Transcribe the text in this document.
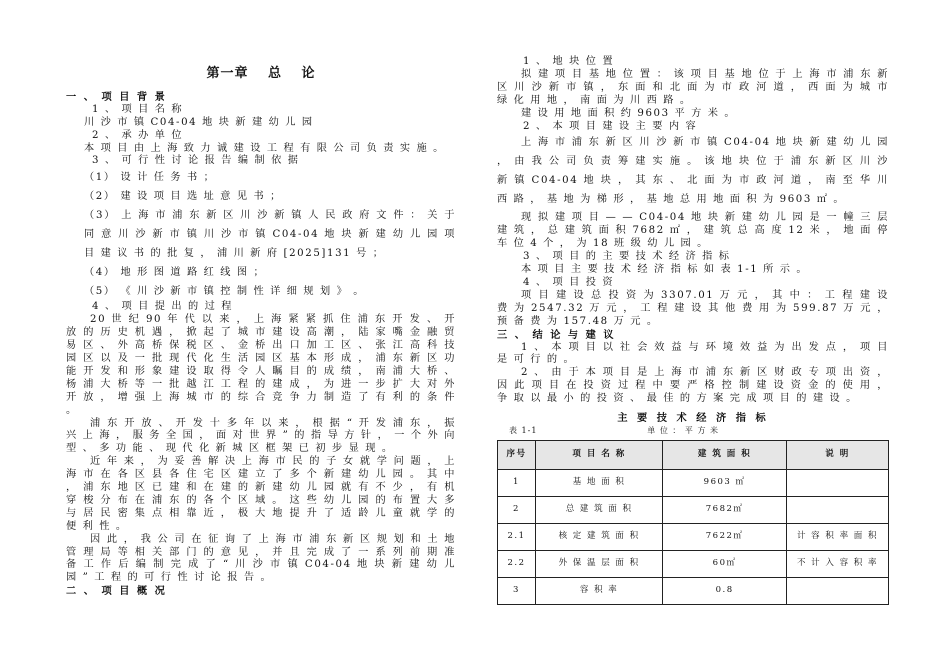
第一章 总 论

一 、 项 目 背 景

1 、 项 目 名 称

川 沙 市 镇 C04-04 地 块 新 建 幼 儿 园

2 、 承 办 单 位

本 项 目 由 上 海 致 力 诚 建 设 工 程 有 限 公 司 负 责 实 施 。

3 、 可 行 性 讨 论 报 告 编 制 依 据

（1） 设 计 任 务 书 ；

（2） 建 设 项 目 选 址 意 见 书 ；

（3） 上 海 市 浦 东 新 区 川 沙 新 镇 人 民 政 府 文 件 ： 关 于 同 意 川 沙 新 市 镇 川 沙 市 镇 C04-04 地 块 新 建 幼 儿 园 项 目 建 议 书 的 批 复 ， 浦 川 新 府 [2025]131 号 ；

（4） 地 形 图 道 路 红 线 图 ；

（5） 《 川 沙 新 市 镇 控 制 性 详 细 规 划 》 。

4 、 项 目 提 出 的 过 程

20 世 纪 90 年 代 以 来 ， 上 海 紧 紧 抓 住 浦 东 开 发 、 开 放 的 历 史 机 遇 ， 掀 起 了 城 市 建 设 高 潮 ， 陆 家 嘴 金 融 贸 易 区 、 外 高 桥 保 税 区 、 金 桥 出 口 加 工 区 、 张 江 高 科 技 园 区 以 及 一 批 现 代 化 生 活 园 区 基 本 形 成 ， 浦 东 新 区 功 能 开 发 和 形 象 建 设 取 得 令 人 瞩 目 的 成 绩 ， 南 浦 大 桥 、 杨 浦 大 桥 等 一 批 越 江 工 程 的 建 成 ， 为 进 一 步 扩 大 对 外 开 放 ， 增 强 上 海 城 市 的 综 合 竞 争 力 制 造 了 有 利 的 条 件 。

浦 东 开 放 、 开 发 十 多 年 以 来 ， 根 据 “ 开 发 浦 东 ， 振 兴 上 海 ， 服 务 全 国 ， 面 对 世 界 ” 的 指 导 方 针 ， 一 个 外 向 型 、 多 功 能 、 现 代 化 新 城 区 框 架 已 初 步 显 现 。

近 年 来 ， 为 妥 善 解 决 上 海 市 民 的 子 女 就 学 问 题 ， 上 海 市 在 各 区 县 各 住 宅 区 建 立 了 多 个 新 建 幼 儿 园 。 其 中 ， 浦 东 地 区 已 建 和 在 建 的 新 建 幼 儿 园 就 有 不 少 ， 有 机 穿 梭 分 布 在 浦 东 的 各 个 区 域 。 这 些 幼 儿 园 的 布 置 大 多 与 居 民 密 集 点 相 靠 近 ， 极 大 地 提 升 了 适 龄 儿 童 就 学 的 便 利 性 。

因 此 ， 我 公 司 在 征 询 了 上 海 市 浦 东 新 区 规 划 和 土 地 管 理 局 等 相 关 部 门 的 意 见 ， 并 且 完 成 了 一 系 列 前 期 准 备 工 作 后 编 制 完 成 了 “ 川 沙 市 镇 C04-04 地 块 新 建 幼 儿 园 ” 工 程 的 可 行 性 讨 论 报 告 。

二 、 项 目 概 况

1 、 地 块 位 置

拟 建 项 目 基 地 位 置 ： 该 项 目 基 地 位 于 上 海 市 浦 东 新 区 川 沙 新 市 镇 ， 东 面 和 北 面 为 市 政 河 道 ， 西 面 为 城 市 绿 化 用 地 ， 南 面 为 川 西 路 。

建 设 用 地 面 积 约 9603 平 方 米 。

2 、 本 项 目 建 设 主 要 内 容

上 海 市 浦 东 新 区 川 沙 新 市 镇 C04-04 地 块 新 建 幼 儿 园 ， 由 我 公 司 负 责 筹 建 实 施 。 该 地 块 位 于 浦 东 新 区 川 沙 新 镇 C04-04 地 块 ， 其 东 、 北 面 为 市 政 河 道 ， 南 至 华 川 西 路 ， 基 地 为 梯 形 ， 基 地 总 用 地 面 积 为 9603 ㎡ 。

现 拟 建 项 目 — — C04-04 地 块 新 建 幼 儿 园 是 一 幢 三 层 建 筑 ， 总 建 筑 面 积 7682 ㎡ ， 建 筑 总 高 度 12 米 ， 地 面 停 车 位 4 个 ， 为 18 班 级 幼 儿 园 。

3 、 项 目 的 主 要 技 术 经 济 指 标

本 项 目 主 要 技 术 经 济 指 标 如 表 1-1 所 示 。

4 、 项 目 投 资

项 目 建 设 总 投 资 为 3307.01 万 元 ， 其 中 ： 工 程 建 设 费 为 2547.32 万 元 ， 工 程 建 设 其 他 费 用 为 599.87 万 元 ， 预 备 费 为 157.48 万 元 。

三 、 结 论 与 建 议

1 、 本 项 目 以 社 会 效 益 与 环 境 效 益 为 出 发 点 ， 项 目 是 可 行 的 。

2 、 由 于 本 项 目 是 上 海 市 浦 东 新 区 财 政 专 项 出 资 ， 因 此 项 目 在 投 资 过 程 中 要 严 格 控 制 建 设 资 金 的 使 用 ， 争 取 以 最 小 的 投 资 、 最 佳 的 方 案 完 成 项 目 的 建 设 。

主 要 技 术 经 济 指 标
表 1-1	单 位 ： 平 方 米
序号	项 目 名 称	建 筑 面 积	说 明
1	基 地 面 积	9603 ㎡	
2	总 建 筑 面 积	7682㎡	
2.1	核 定 建 筑 面 积	7622㎡	计 容 积 率 面 积
2.2	外 保 温 层 面 积	60㎡	不 计 入 容 积 率
3	容 积 率	0.8	
